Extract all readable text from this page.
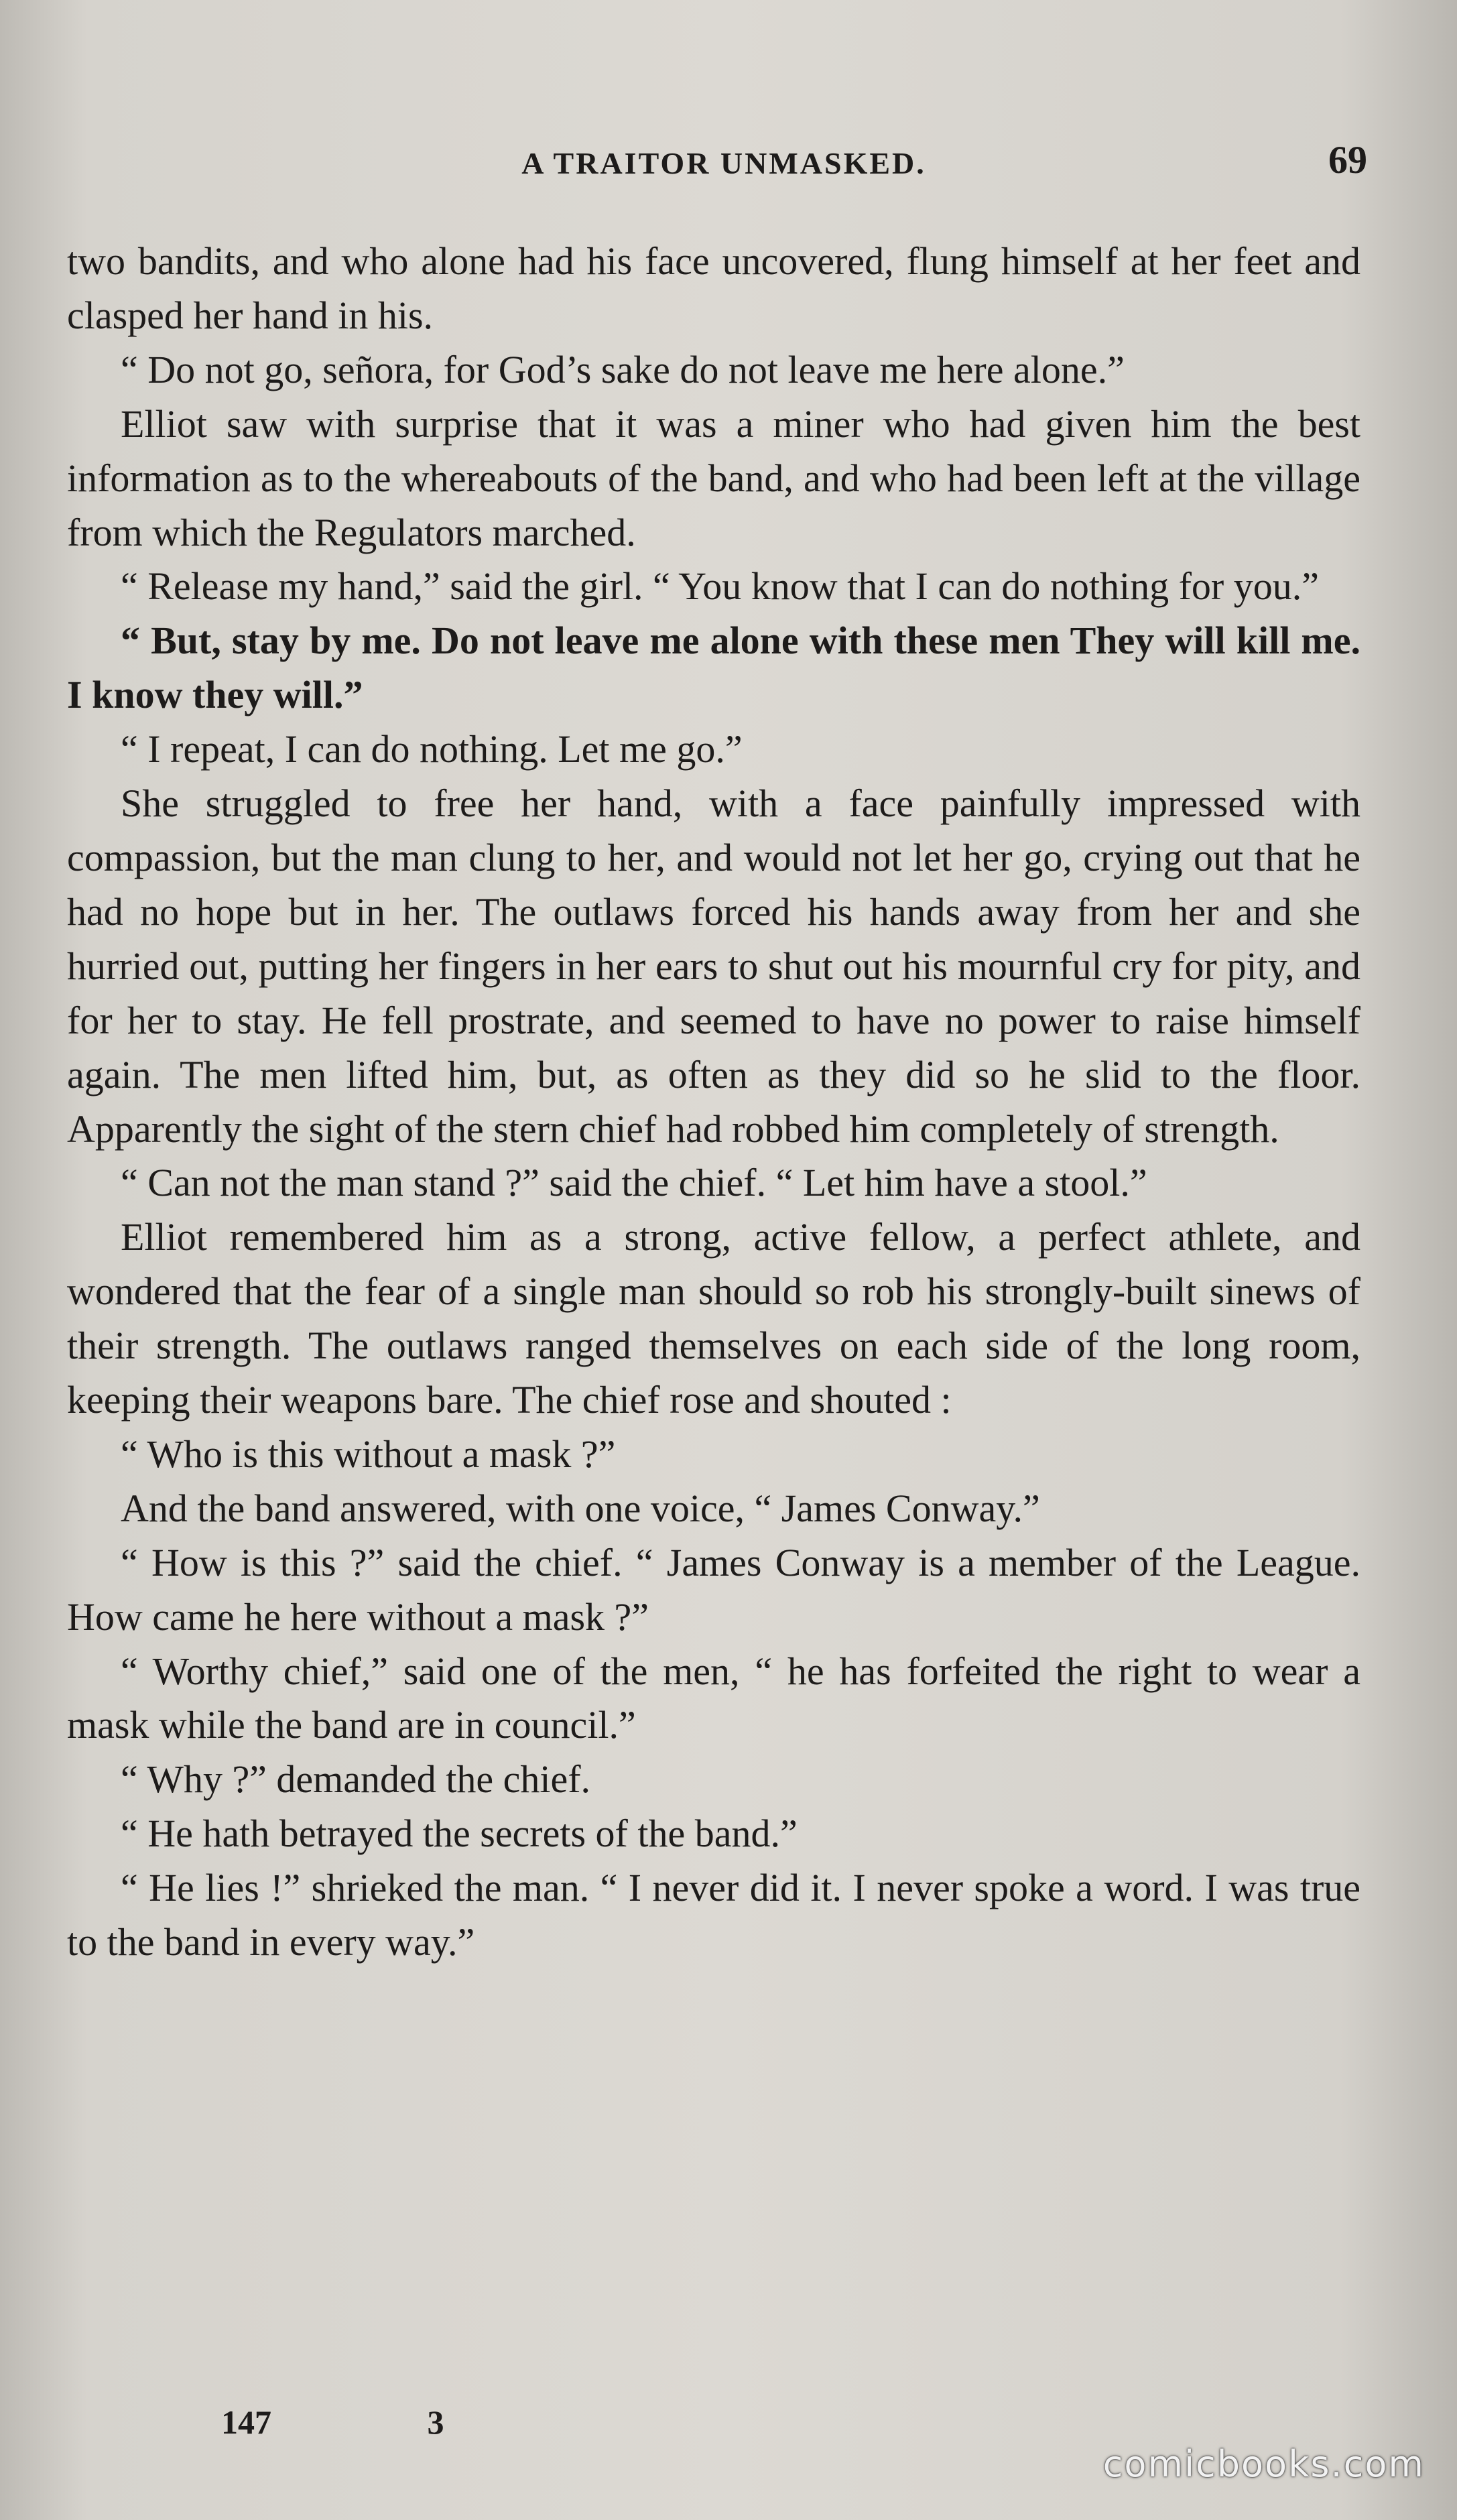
A TRAITOR UNMASKED.	69

two bandits, and who alone had his face uncovered, flung himself at her feet and clasped her hand in his.

“ Do not go, señora, for God’s sake do not leave me here alone.”

Elliot saw with surprise that it was a miner who had given him the best information as to the whereabouts of the band, and who had been left at the village from which the Regulators marched.

“ Release my hand,” said the girl. “ You know that I can do nothing for you.”

“ But, stay by me. Do not leave me alone with these men They will kill me. I know they will.”

“ I repeat, I can do nothing. Let me go.”

She struggled to free her hand, with a face painfully impressed with compassion, but the man clung to her, and would not let her go, crying out that he had no hope but in her. The outlaws forced his hands away from her and she hurried out, putting her fingers in her ears to shut out his mournful cry for pity, and for her to stay. He fell prostrate, and seemed to have no power to raise himself again. The men lifted him, but, as often as they did so he slid to the floor. Apparently the sight of the stern chief had robbed him completely of strength.

“ Can not the man stand ?” said the chief. “ Let him have a stool.”

Elliot remembered him as a strong, active fellow, a perfect athlete, and wondered that the fear of a single man should so rob his strongly-built sinews of their strength. The outlaws ranged themselves on each side of the long room, keeping their weapons bare. The chief rose and shouted :

“ Who is this without a mask ?”

And the band answered, with one voice, “ James Conway.”

“ How is this ?” said the chief. “ James Conway is a member of the League. How came he here without a mask ?”

“ Worthy chief,” said one of the men, “ he has forfeited the right to wear a mask while the band are in council.”

“ Why ?” demanded the chief.

“ He hath betrayed the secrets of the band.”

“ He lies !” shrieked the man. “ I never did it. I never spoke a word. I was true to the band in every way.”

147	3
comicbooks.com
